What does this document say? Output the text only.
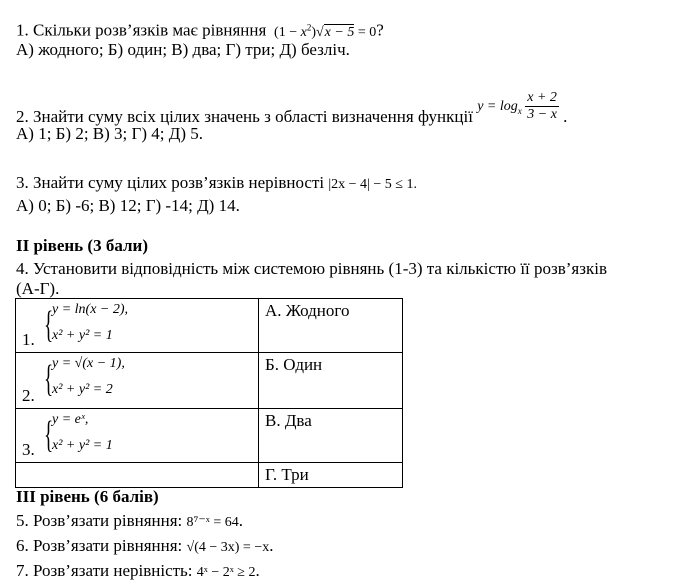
1. Скільки розв’язків має рівняння $(1 - x^2)√x - 5 = 0$?
А) жодного; Б) один; В) два; Г) три; Д) безліч.
2. Знайти суму всіх цілих значень з області визначення функції $y = \log_x \frac{x + 2}{3 - x}$ .
А) 1; Б) 2; В) 3; Г) 4; Д) 5.
3. Знайти суму цілих розв’язків нерівності |2x − 4| − 5 ≤ 1.
А) 0; Б) -6; В) 12; Г) -14; Д) 14.
II рівень (3 бали)
4. Установити відповідність між системою рівнянь (1-3) та кількістю її розв’язків
(А-Г).
1. {
y = ln(x − 2),
x² + y² = 1	А. Жодного

2. {
y = √(x − 1),
x² + y² = 2	Б. Один

3. {
y = eˣ,
x² + y² = 1	В. Два
	Г. Три
III рівень (6 балів)
5. Розв’язати рівняння: 8⁷⁻ˣ = 64.
6. Розв’язати рівняння: √(4 − 3x) = −x.
7. Розв’язати нерівність: 4ˣ − 2ˣ ≥ 2.
